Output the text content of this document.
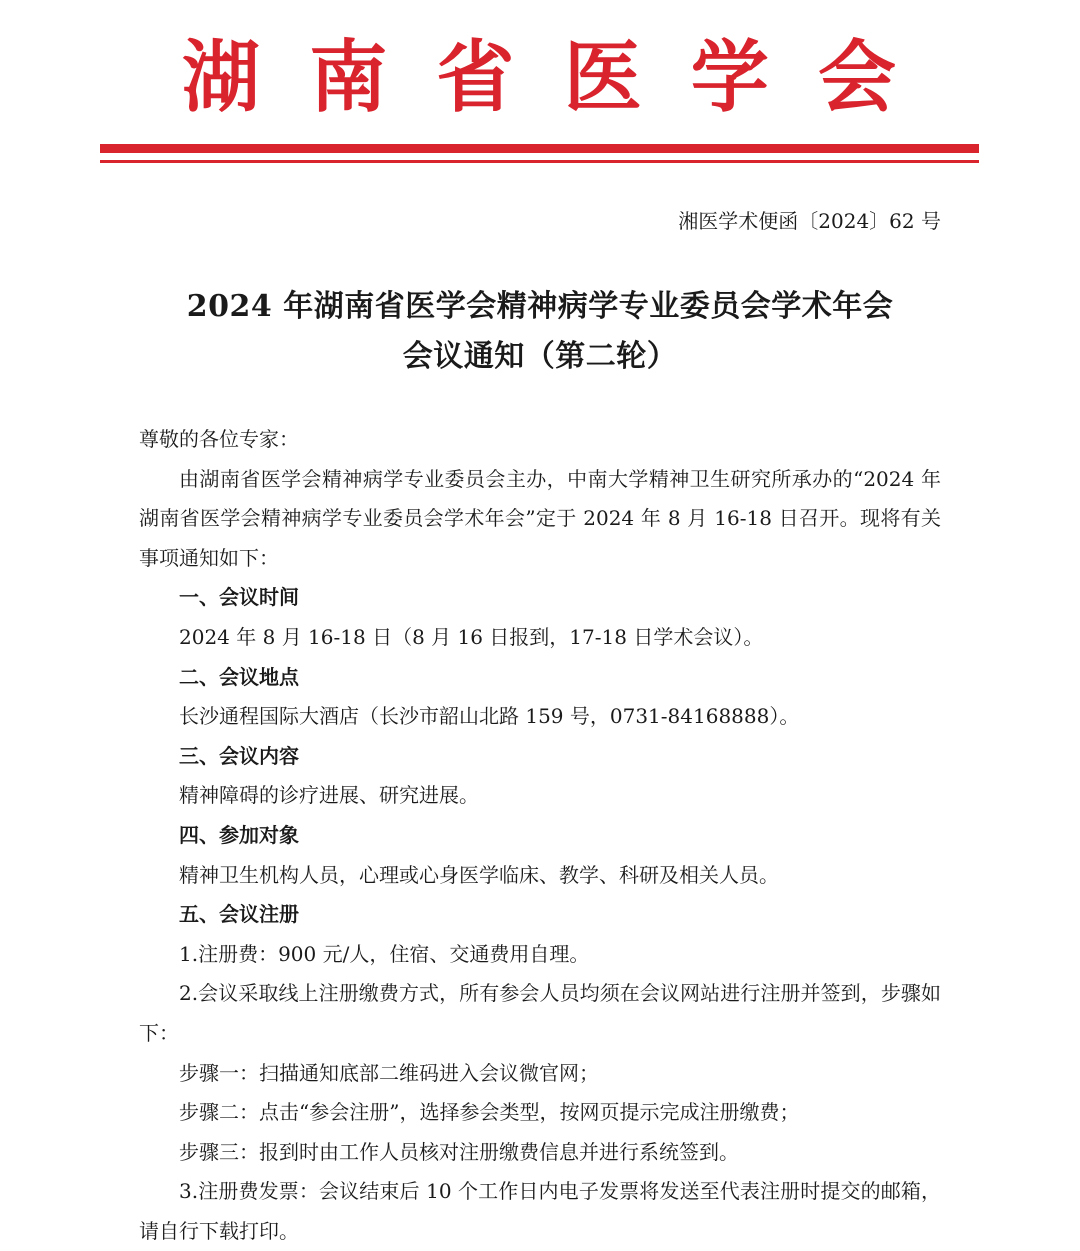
湖 南 省 医 学 会
湘医学术便函〔2024〕62 号
2024 年湖南省医学会精神病学专业委员会学术年会
会议通知（第二轮）

尊敬的各位专家：

由湖南省医学会精神病学专业委员会主办，中南大学精神卫生研究所承办的“2024 年湖南省医学会精神病学专业委员会学术年会”定于 2024 年 8 月 16-18 日召开。现将有关事项通知如下：

一、会议时间

2024 年 8 月 16-18 日（8 月 16 日报到，17-18 日学术会议）。

二、会议地点

长沙通程国际大酒店（长沙市韶山北路 159 号，0731-84168888）。

三、会议内容

精神障碍的诊疗进展、研究进展。

四、参加对象

精神卫生机构人员，心理或心身医学临床、教学、科研及相关人员。

五、会议注册

1.注册费：900 元/人，住宿、交通费用自理。

2.会议采取线上注册缴费方式，所有参会人员均须在会议网站进行注册并签到，步骤如下：

步骤一：扫描通知底部二维码进入会议微官网；

步骤二：点击“参会注册”，选择参会类型，按网页提示完成注册缴费；

步骤三：报到时由工作人员核对注册缴费信息并进行系统签到。

3.注册费发票：会议结束后 10 个工作日内电子发票将发送至代表注册时提交的邮箱，请自行下载打印。
